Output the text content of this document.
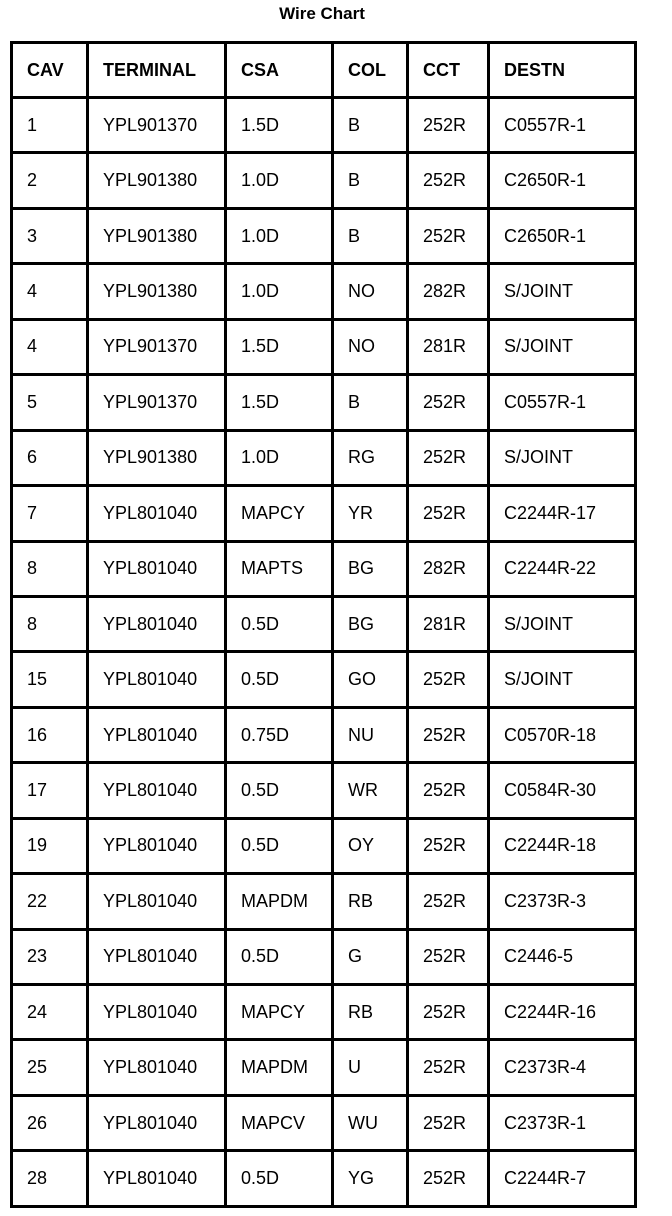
Wire Chart
CAV	TERMINAL	CSA	COL	CCT	DESTN
1	YPL901370	1.5D	B	252R	C0557R-1
2	YPL901380	1.0D	B	252R	C2650R-1
3	YPL901380	1.0D	B	252R	C2650R-1
4	YPL901380	1.0D	NO	282R	S/JOINT
4	YPL901370	1.5D	NO	281R	S/JOINT
5	YPL901370	1.5D	B	252R	C0557R-1
6	YPL901380	1.0D	RG	252R	S/JOINT
7	YPL801040	MAPCY	YR	252R	C2244R-17
8	YPL801040	MAPTS	BG	282R	C2244R-22
8	YPL801040	0.5D	BG	281R	S/JOINT
15	YPL801040	0.5D	GO	252R	S/JOINT
16	YPL801040	0.75D	NU	252R	C0570R-18
17	YPL801040	0.5D	WR	252R	C0584R-30
19	YPL801040	0.5D	OY	252R	C2244R-18
22	YPL801040	MAPDM	RB	252R	C2373R-3
23	YPL801040	0.5D	G	252R	C2446-5
24	YPL801040	MAPCY	RB	252R	C2244R-16
25	YPL801040	MAPDM	U	252R	C2373R-4
26	YPL801040	MAPCV	WU	252R	C2373R-1
28	YPL801040	0.5D	YG	252R	C2244R-7
